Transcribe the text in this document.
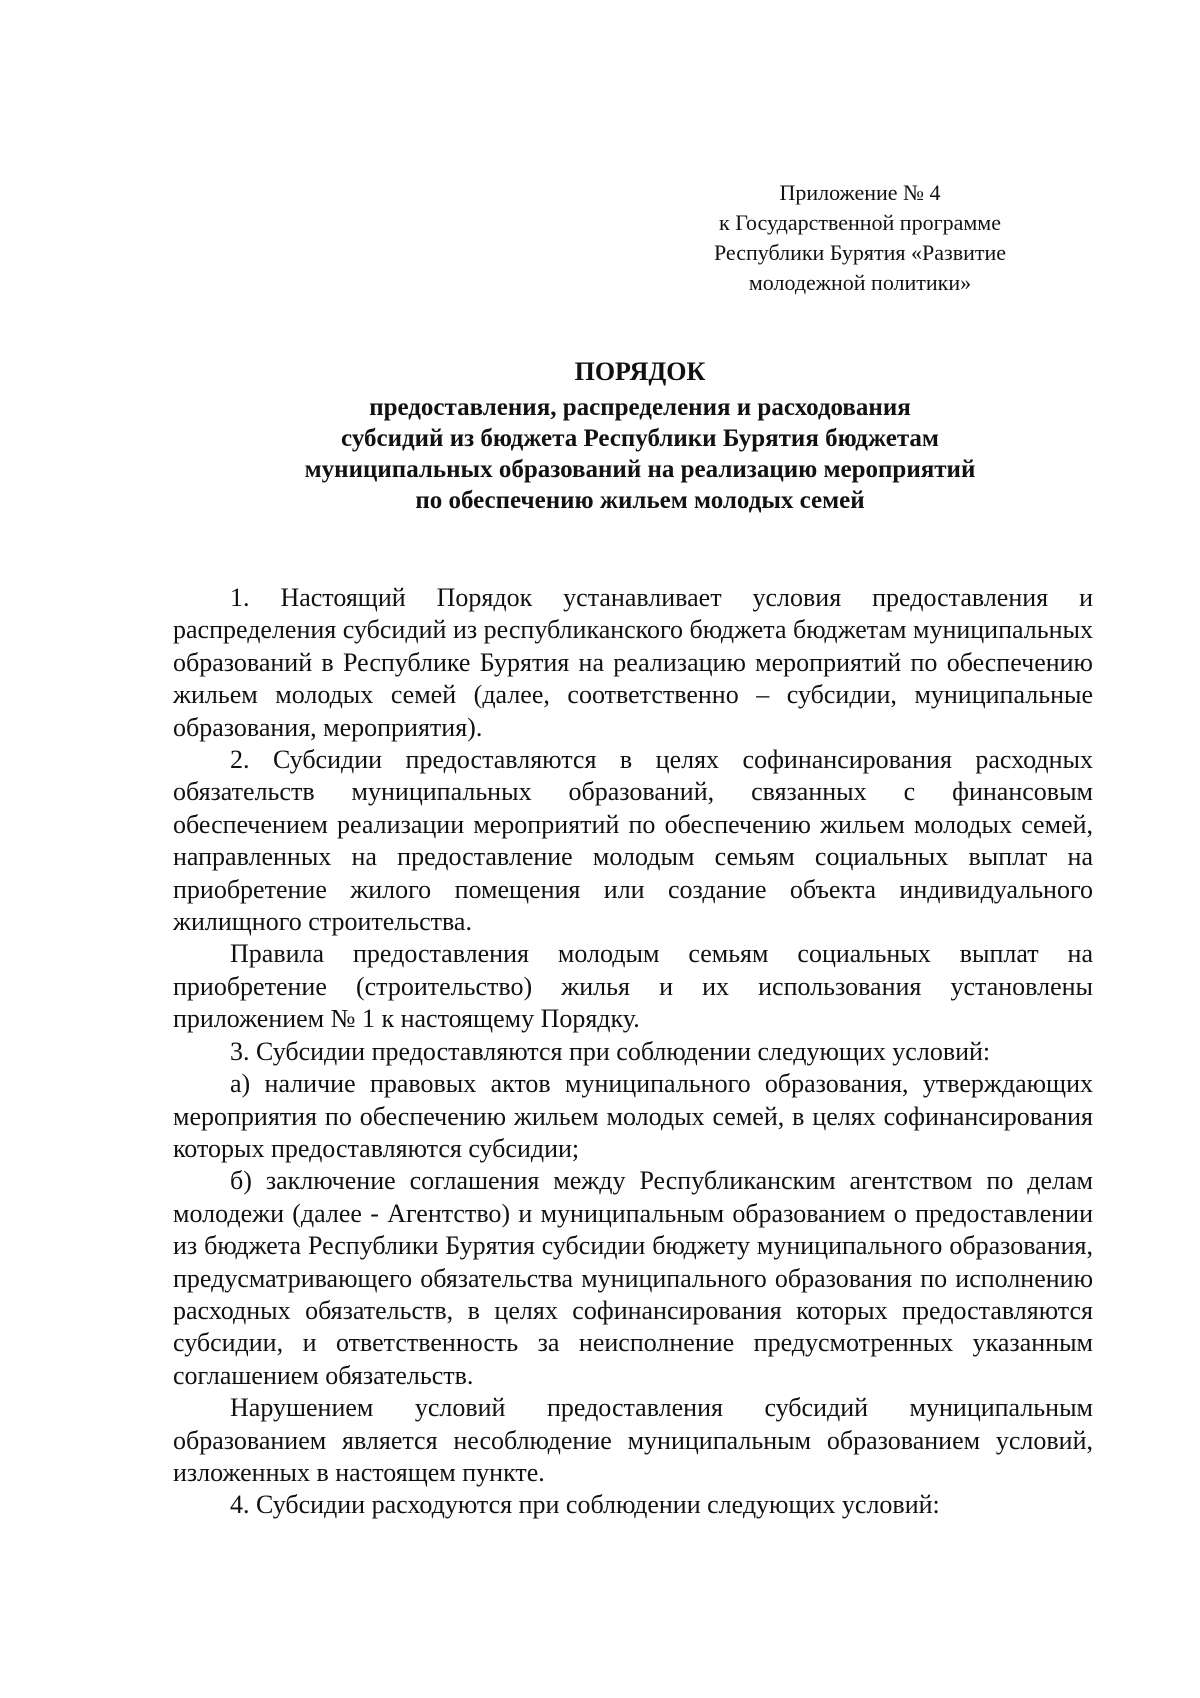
Приложение № 4
к Государственной программе
Республики Бурятия «Развитие
молодежной политики»
ПОРЯДОК
предоставления, распределения и расходования
субсидий из бюджета Республики Бурятия бюджетам
муниципальных образований на реализацию мероприятий
по обеспечению жильем молодых семей

1. Настоящий Порядок устанавливает условия предоставления и распределения субсидий из республиканского бюджета бюджетам муниципальных образований в Республике Бурятия на реализацию мероприятий по обеспечению жильем молодых семей (далее, соответственно – субсидии, муниципальные образования, мероприятия).

2. Субсидии предоставляются в целях софинансирования расходных обязательств муниципальных образований, связанных с финансовым обеспечением реализации мероприятий по обеспечению жильем молодых семей, направленных на предоставление молодым семьям социальных выплат на приобретение жилого помещения или создание объекта индивидуального жилищного строительства.

Правила предоставления молодым семьям социальных выплат на приобретение (строительство) жилья и их использования установлены приложением № 1 к настоящему Порядку.

3. Субсидии предоставляются при соблюдении следующих условий:

а) наличие правовых актов муниципального образования, утверждающих мероприятия по обеспечению жильем молодых семей, в целях софинансирования которых предоставляются субсидии;

б) заключение соглашения между Республиканским агентством по делам молодежи (далее - Агентство) и муниципальным образованием о предоставлении из бюджета Республики Бурятия субсидии бюджету муниципального образования, предусматривающего обязательства муниципального образования по исполнению расходных обязательств, в целях софинансирования которых предоставляются субсидии, и ответственность за неисполнение предусмотренных указанным соглашением обязательств.

Нарушением условий предоставления субсидий муниципальным образованием является несоблюдение муниципальным образованием условий, изложенных в настоящем пункте.

4. Субсидии расходуются при соблюдении следующих условий:
